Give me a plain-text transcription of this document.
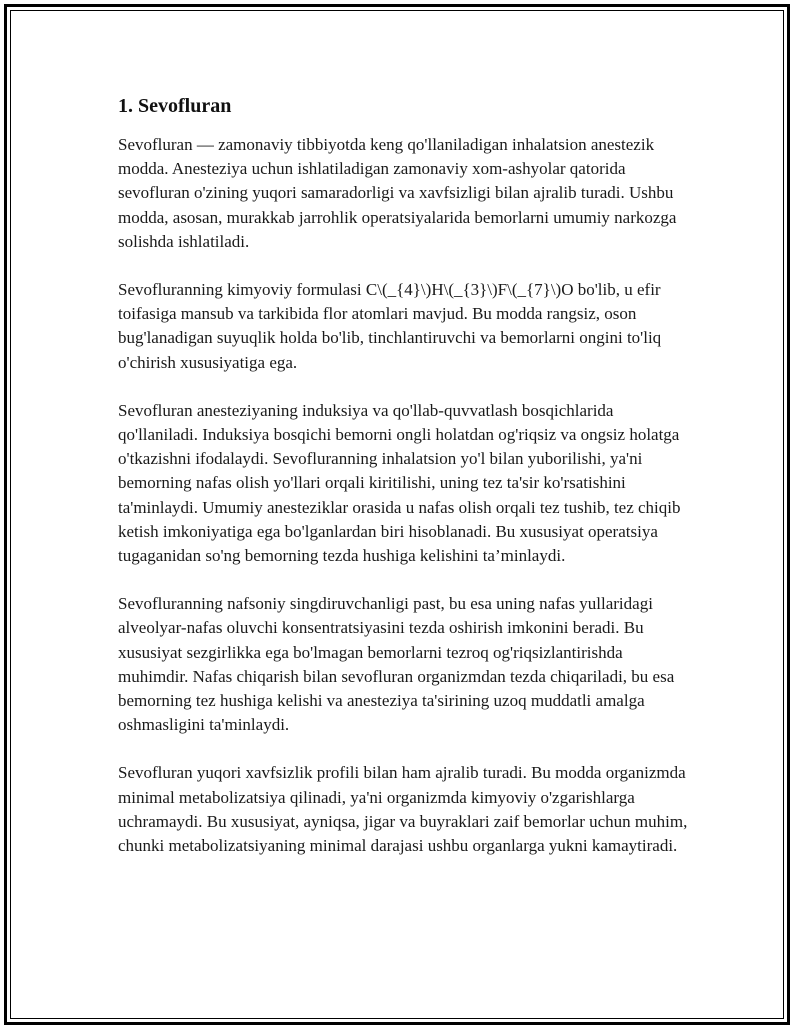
1. Sevofluran

Sevofluran — zamonaviy tibbiyotda keng qo'llaniladigan inhalatsion anestezik modda. Anesteziya uchun ishlatiladigan zamonaviy xom-ashyolar qatorida sevofluran o'zining yuqori samaradorligi va xavfsizligi bilan ajralib turadi. Ushbu modda, asosan, murakkab jarrohlik operatsiyalarida bemorlarni umumiy narkozga solishda ishlatiladi.

Sevofluranning kimyoviy formulasi C\(_{4}\)H\(_{3}\)F\(_{7}\)O bo'lib, u efir toifasiga mansub va tarkibida flor atomlari mavjud. Bu modda rangsiz, oson bug'lanadigan suyuqlik holda bo'lib, tinchlantiruvchi va bemorlarni ongini to'liq o'chirish xususiyatiga ega.

Sevofluran anesteziyaning induksiya va qo'llab-quvvatlash bosqichlarida qo'llaniladi. Induksiya bosqichi bemorni ongli holatdan og'riqsiz va ongsiz holatga o'tkazishni ifodalaydi. Sevofluranning inhalatsion yo'l bilan yuborilishi, ya'ni bemorning nafas olish yo'llari orqali kiritilishi, uning tez ta'sir ko'rsatishini ta'minlaydi. Umumiy anesteziklar orasida u nafas olish orqali tez tushib, tez chiqib ketish imkoniyatiga ega bo'lganlardan biri hisoblanadi. Bu xususiyat operatsiya tugaganidan so'ng bemorning tezda hushiga kelishini ta’minlaydi.

Sevofluranning nafsoniy singdiruvchanligi past, bu esa uning nafas yullaridagi alveolyar-nafas oluvchi konsentratsiyasini tezda oshirish imkonini beradi. Bu xususiyat sezgirlikka ega bo'lmagan bemorlarni tezroq og'riqsizlantirishda muhimdir. Nafas chiqarish bilan sevofluran organizmdan tezda chiqariladi, bu esa bemorning tez hushiga kelishi va anesteziya ta'sirining uzoq muddatli amalga oshmasligini ta'minlaydi.

Sevofluran yuqori xavfsizlik profili bilan ham ajralib turadi. Bu modda organizmda minimal metabolizatsiya qilinadi, ya'ni organizmda kimyoviy o'zgarishlarga uchramaydi. Bu xususiyat, ayniqsa, jigar va buyraklari zaif bemorlar uchun muhim, chunki metabolizatsiyaning minimal darajasi ushbu organlarga yukni kamaytiradi.
